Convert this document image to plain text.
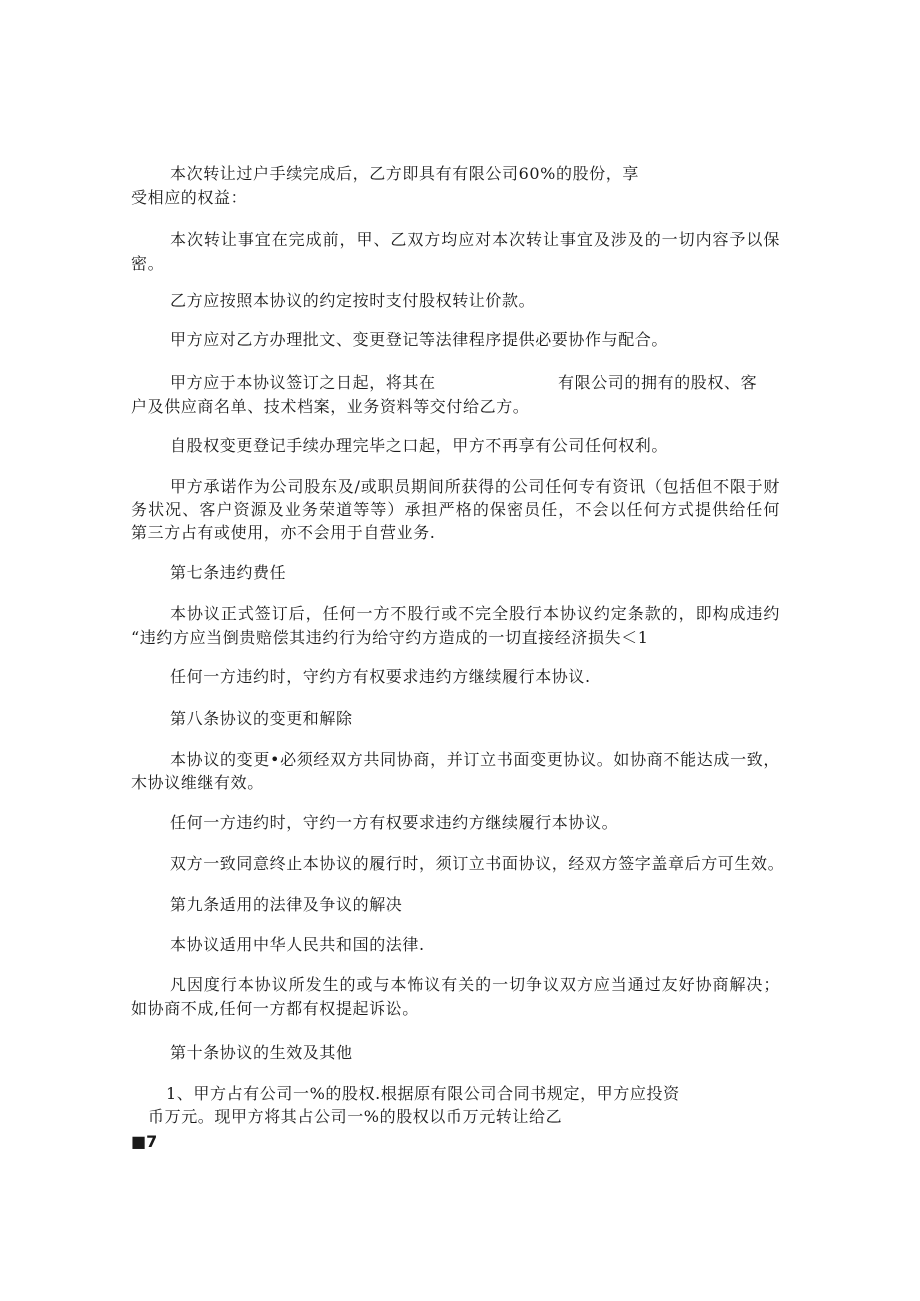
本次转让过户手续完成后，乙方即具有有限公司60%的股份，享
受相应的权益：
本次转让事宜在完成前，甲、乙双方均应对本次转让事宜及涉及的一切内容予以保
密。
乙方应按照本协议的约定按时支付股权转让价款。
甲方应对乙方办理批文、变更登记等法律程序提供必要协作与配合。
甲方应于本协议签订之日起，将其在	有限公司的拥有的股权、客
户及供应商名单、技术档案，业务资料等交付给乙方。
自股权变更登记手续办理完毕之口起，甲方不再享有公司任何权利。
甲方承诺作为公司股东及/或职员期间所获得的公司任何专有资讯（包括但不限于财
务状况、客户资源及业务荣道等等）承担严格的保密员任，不会以任何方式提供给任何
第三方占有或使用，亦不会用于自营业务.
第七条违约费任
本协议正式签订后，任何一方不股行或不完全股行本协议约定条款的，即构成违约
“违约方应当倒贵赔偿其违约行为给守约方造成的一切直接经济损失＜1
任何一方违约时，守约方有权要求违约方继续履行本协议.
第八条协议的变更和解除
本协议的变更•必须经双方共同协商，并订立书面变更协议。如协商不能达成一致，
木协议维继有效。
任何一方违约时，守约一方有权要求违约方继续履行本协议。
双方一致同意终止本协议的履行时，须订立书面协议，经双方签字盖章后方可生效。
第九条适用的法律及争议的解决
本协议适用中华人民共和国的法律.
凡因度行本协议所发生的或与本怖议有关的一切争议双方应当通过友好协商解决；
如协商不成,任何一方都有权提起诉讼。
第十条协议的生效及其他
1、甲方占有公司一%的股权.根据原有限公司合同书规定，甲方应投资
币万元。现甲方将其占公司一%的股权以币万元转让给乙
■7
